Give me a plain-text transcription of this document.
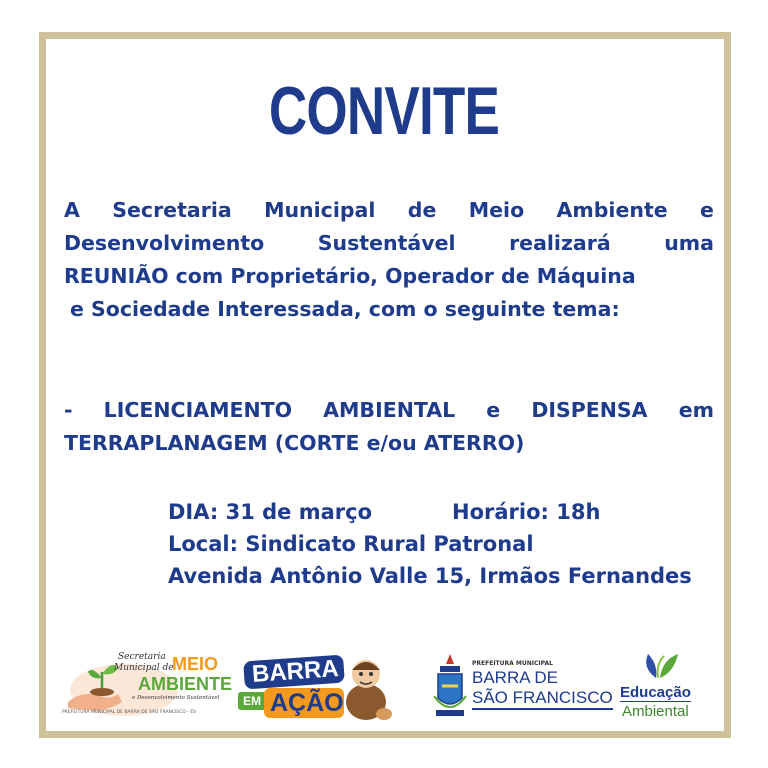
CONVITE
A Secretaria Municipal de Meio Ambiente e
Desenvolvimento	Sustentável	realizará	uma
REUNIÃO com Proprietário, Operador de Máquina
e Sociedade Interessada, com o seguinte tema:
- LICENCIAMENTO AMBIENTAL e DISPENSA em
TERRAPLANAGEM (CORTE e/ou ATERRO)
DIA: 31 de março	Horário: 18h
Local: Sindicato Rural Patronal
Avenida Antônio Valle 15, Irmãos Fernandes
Secretaria
Municipal de
MEIO
AMBIENTE
e Desenvolvimento Sustentável
PREFEITURA MUNICIPAL DE BARRA DE SÃO FRANCISCO - ES
BARRA
EM AÇÃO
PREFEITURA MUNICIPAL
BARRA DE
SÃO FRANCISCO Educação
Ambiental
